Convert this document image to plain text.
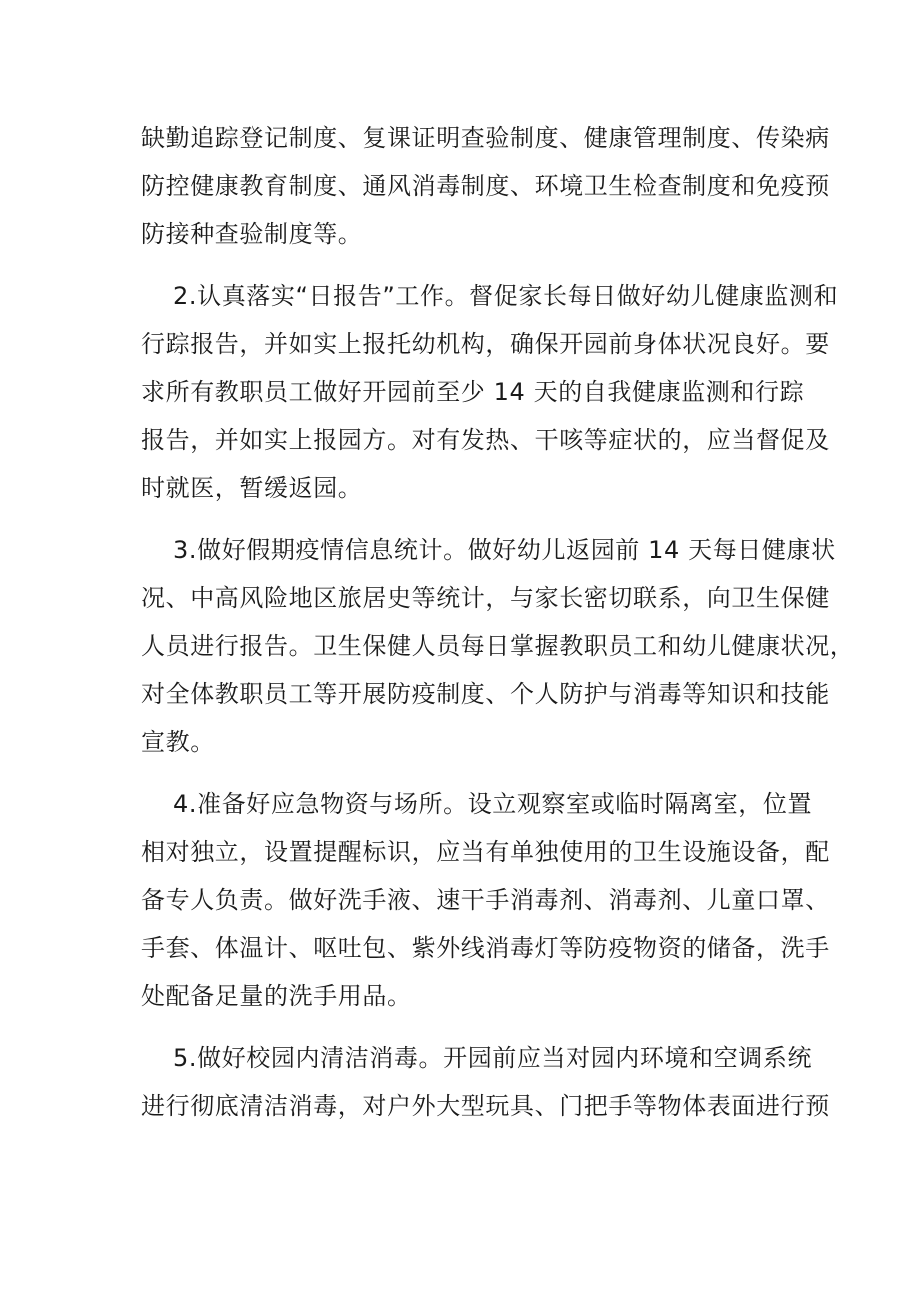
缺勤追踪登记制度、复课证明查验制度、健康管理制度、传染病
防控健康教育制度、通风消毒制度、环境卫生检查制度和免疫预
防接种查验制度等。
2.认真落实“日报告”工作。督促家长每日做好幼儿健康监测和
行踪报告，并如实上报托幼机构，确保开园前身体状况良好。要
求所有教职员工做好开园前至少 14 天的自我健康监测和行踪
报告，并如实上报园方。对有发热、干咳等症状的，应当督促及
时就医，暂缓返园。
3.做好假期疫情信息统计。做好幼儿返园前 14 天每日健康状
况、中高风险地区旅居史等统计，与家长密切联系，向卫生保健
人员进行报告。卫生保健人员每日掌握教职员工和幼儿健康状况，
对全体教职员工等开展防疫制度、个人防护与消毒等知识和技能
宣教。
4.准备好应急物资与场所。设立观察室或临时隔离室，位置
相对独立，设置提醒标识，应当有单独使用的卫生设施设备，配
备专人负责。做好洗手液、速干手消毒剂、消毒剂、儿童口罩、
手套、体温计、呕吐包、紫外线消毒灯等防疫物资的储备，洗手
处配备足量的洗手用品。
5.做好校园内清洁消毒。开园前应当对园内环境和空调系统
进行彻底清洁消毒，对户外大型玩具、门把手等物体表面进行预
